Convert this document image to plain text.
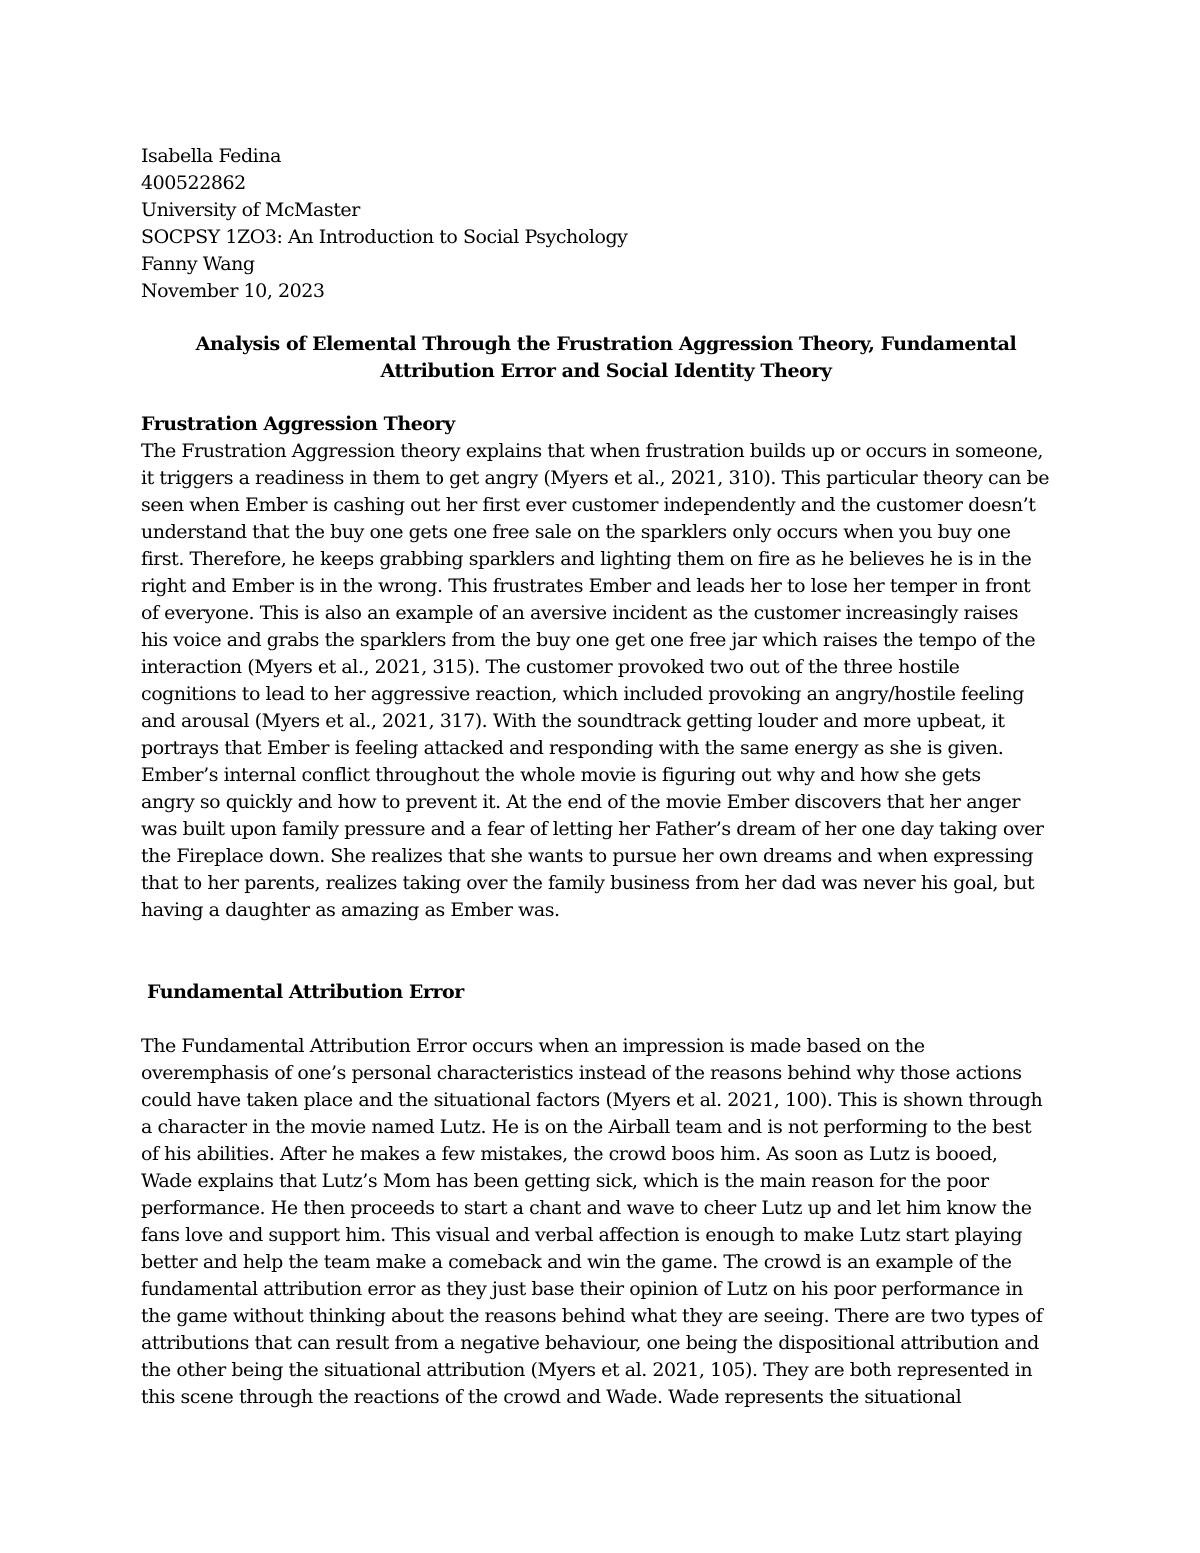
Isabella Fedina
400522862
University of McMaster
SOCPSY 1ZO3: An Introduction to Social Psychology
Fanny Wang
November 10, 2023
Analysis of Elemental Through the Frustration Aggression Theory, Fundamental
Attribution Error and Social Identity Theory
Frustration Aggression Theory
The Frustration Aggression theory explains that when frustration builds up or occurs in someone,
it triggers a readiness in them to get angry (Myers et al., 2021, 310). This particular theory can be
seen when Ember is cashing out her first ever customer independently and the customer doesn’t
understand that the buy one gets one free sale on the sparklers only occurs when you buy one
first. Therefore, he keeps grabbing sparklers and lighting them on fire as he believes he is in the
right and Ember is in the wrong. This frustrates Ember and leads her to lose her temper in front
of everyone. This is also an example of an aversive incident as the customer increasingly raises
his voice and grabs the sparklers from the buy one get one free jar which raises the tempo of the
interaction (Myers et al., 2021, 315). The customer provoked two out of the three hostile
cognitions to lead to her aggressive reaction, which included provoking an angry/hostile feeling
and arousal (Myers et al., 2021, 317). With the soundtrack getting louder and more upbeat, it
portrays that Ember is feeling attacked and responding with the same energy as she is given.
Ember’s internal conflict throughout the whole movie is figuring out why and how she gets
angry so quickly and how to prevent it. At the end of the movie Ember discovers that her anger
was built upon family pressure and a fear of letting her Father’s dream of her one day taking over
the Fireplace down. She realizes that she wants to pursue her own dreams and when expressing
that to her parents, realizes taking over the family business from her dad was never his goal, but
having a daughter as amazing as Ember was.
Fundamental Attribution Error
The Fundamental Attribution Error occurs when an impression is made based on the
overemphasis of one’s personal characteristics instead of the reasons behind why those actions
could have taken place and the situational factors (Myers et al. 2021, 100). This is shown through
a character in the movie named Lutz. He is on the Airball team and is not performing to the best
of his abilities. After he makes a few mistakes, the crowd boos him. As soon as Lutz is booed,
Wade explains that Lutz’s Mom has been getting sick, which is the main reason for the poor
performance. He then proceeds to start a chant and wave to cheer Lutz up and let him know the
fans love and support him. This visual and verbal affection is enough to make Lutz start playing
better and help the team make a comeback and win the game. The crowd is an example of the
fundamental attribution error as they just base their opinion of Lutz on his poor performance in
the game without thinking about the reasons behind what they are seeing. There are two types of
attributions that can result from a negative behaviour, one being the dispositional attribution and
the other being the situational attribution (Myers et al. 2021, 105). They are both represented in
this scene through the reactions of the crowd and Wade. Wade represents the situational
